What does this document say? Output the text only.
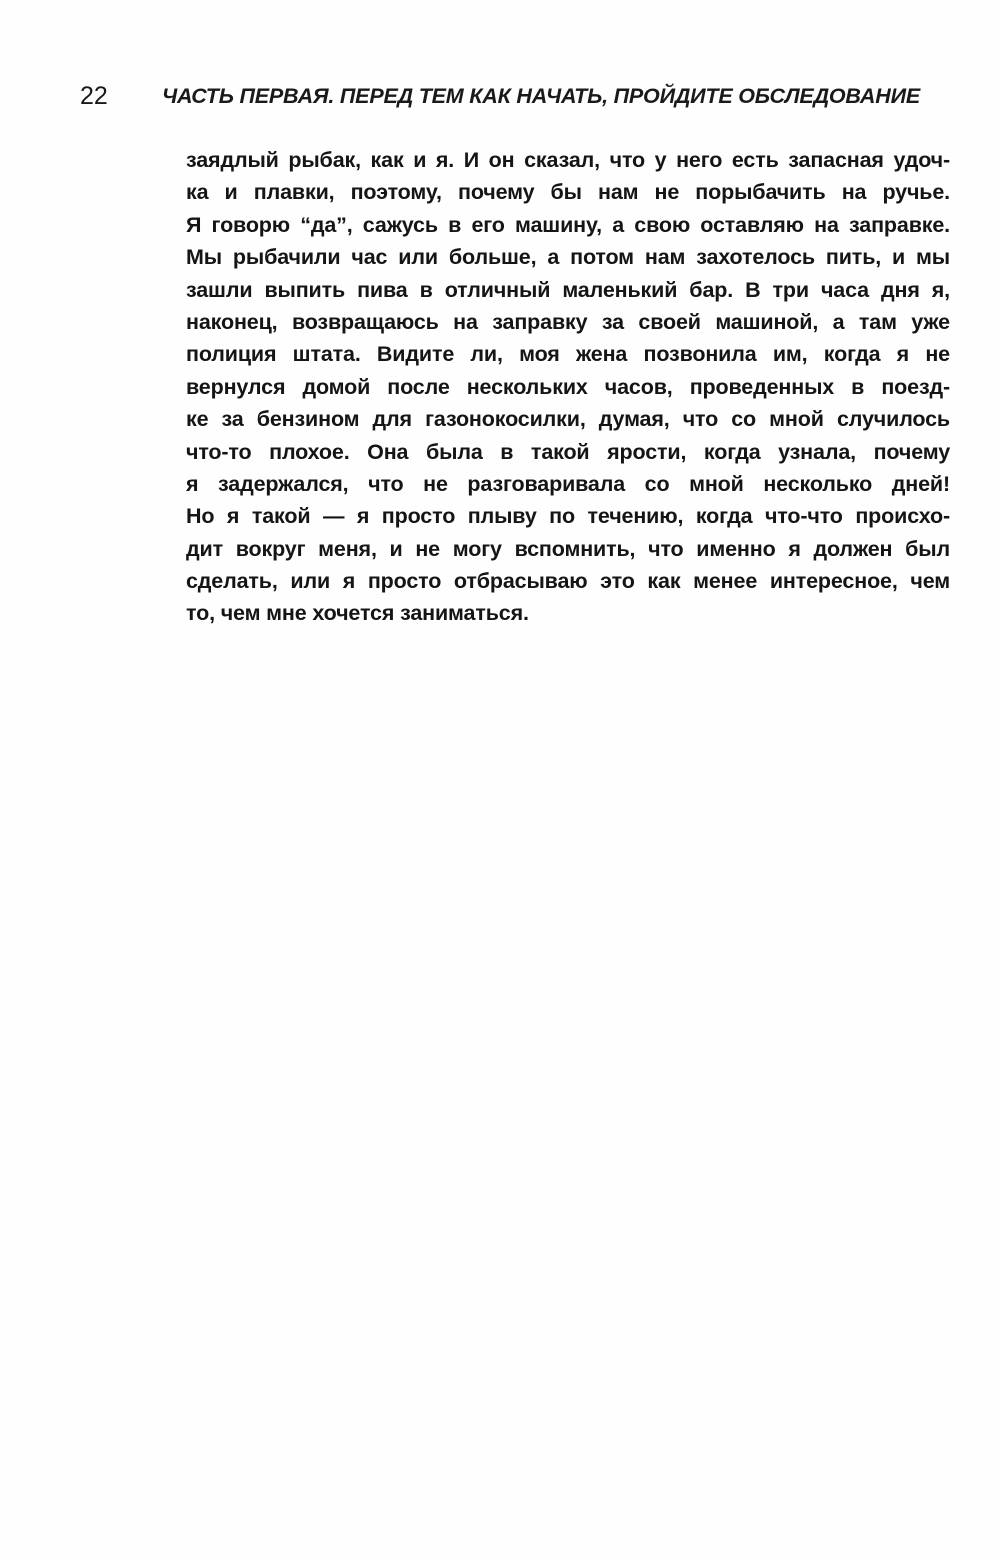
22	ЧАСТЬ ПЕРВАЯ. ПЕРЕД ТЕМ КАК НАЧАТЬ, ПРОЙДИТЕ ОБСЛЕДОВАНИЕ
заядлый рыбак, как и я. И он сказал, что у него есть запасная удоч-
ка и плавки, поэтому, почему бы нам не порыбачить на ручье.
Я говорю “да”, сажусь в его машину, а свою оставляю на заправке.
Мы рыбачили час или больше, а потом нам захотелось пить, и мы
зашли выпить пива в отличный маленький бар. В три часа дня я,
наконец, возвращаюсь на заправку за своей машиной, а там уже
полиция штата. Видите ли, моя жена позвонила им, когда я не
вернулся домой после нескольких часов, проведенных в поезд-
ке за бензином для газонокосилки, думая, что со мной случилось
что-то плохое. Она была в такой ярости, когда узнала, почему
я задержался, что не разговаривала со мной несколько дней!
Но я такой — я просто плыву по течению, когда что-что происхо-
дит вокруг меня, и не могу вспомнить, что именно я должен был
сделать, или я просто отбрасываю это как менее интересное, чем
то, чем мне хочется заниматься.
